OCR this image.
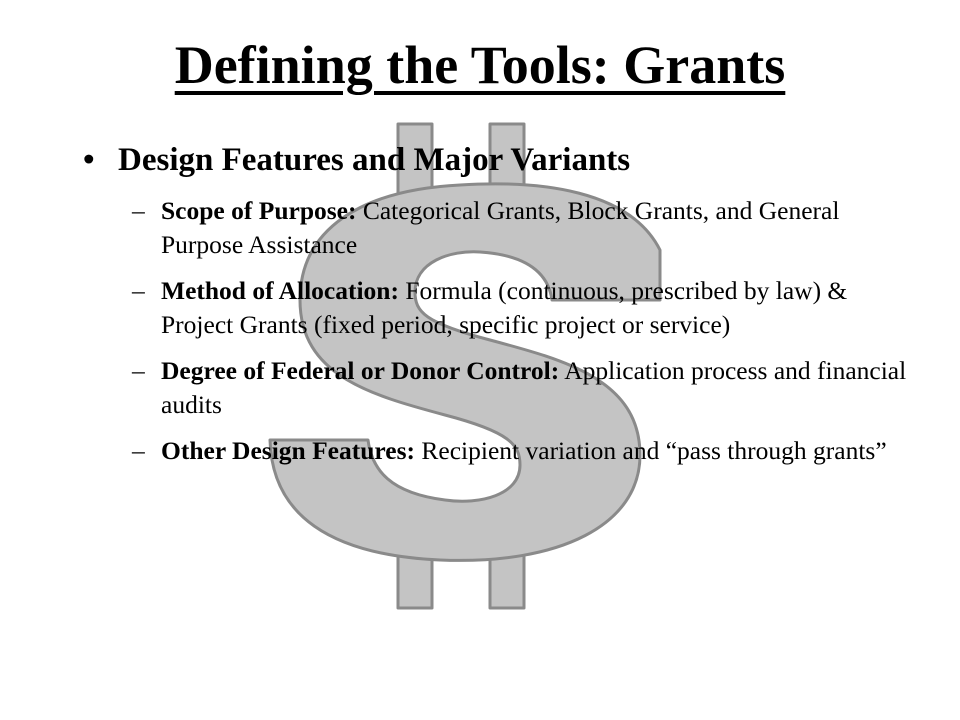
Defining the Tools: Grants
• Design Features and Major Variants
– Scope of Purpose: Categorical Grants, Block Grants, and General Purpose Assistance
– Method of Allocation: Formula (continuous, prescribed by law) & Project Grants (fixed period, specific project or service)
– Degree of Federal or Donor Control: Application process and financial audits
– Other Design Features: Recipient variation and “pass through grants”
